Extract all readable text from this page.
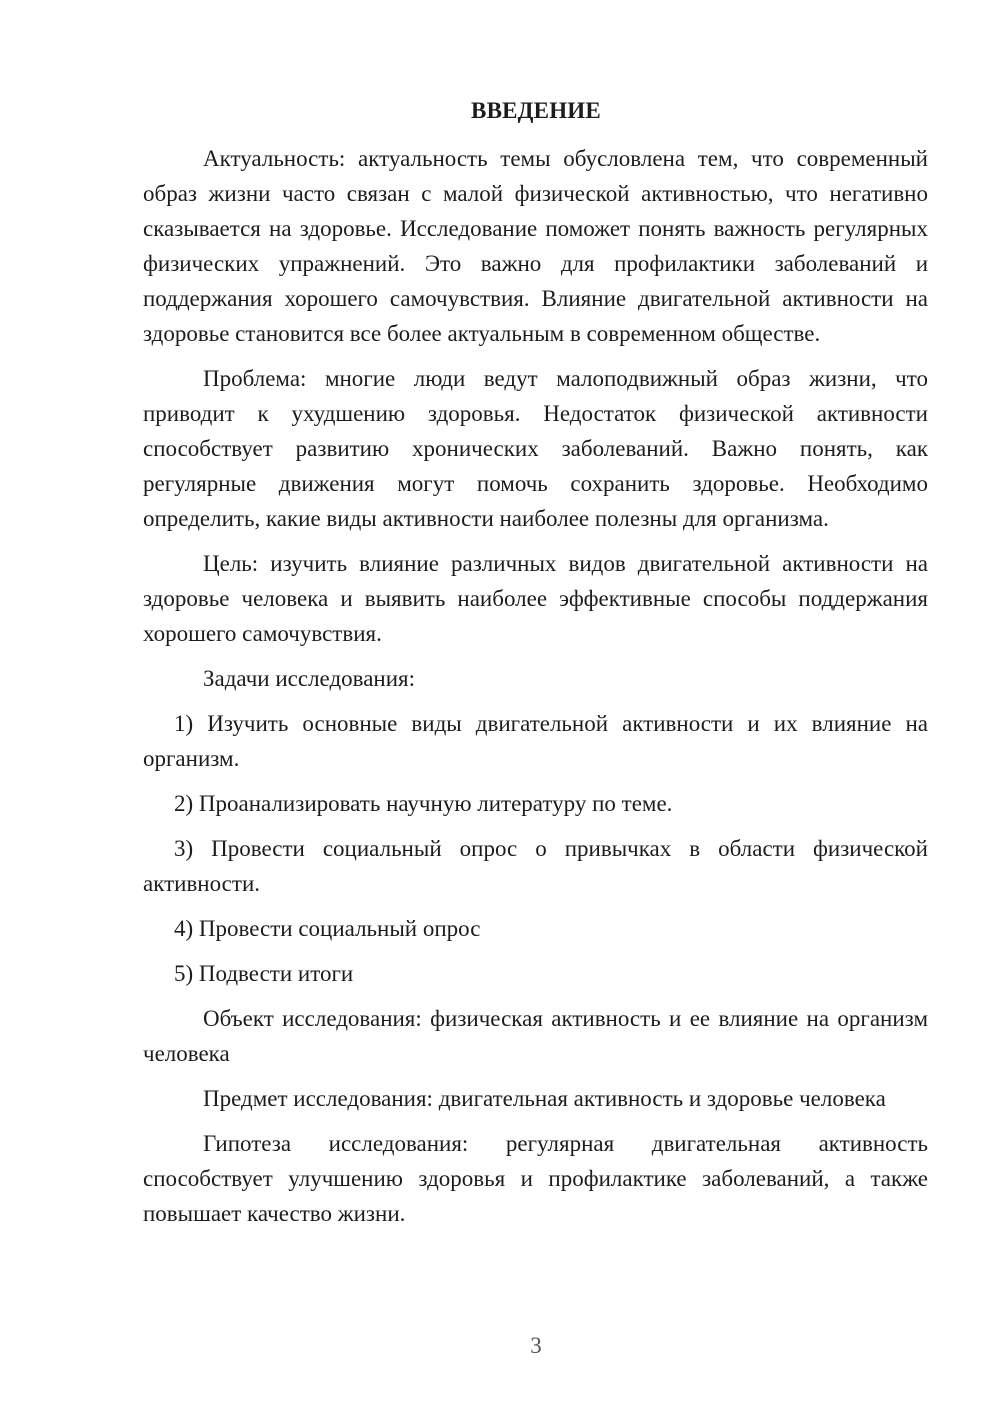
ВВЕДЕНИЕ

Актуальность: актуальность темы обусловлена тем, что современный образ жизни часто связан с малой физической активностью, что негативно сказывается на здоровье. Исследование поможет понять важность регулярных физических упражнений. Это важно для профилактики заболеваний и поддержания хорошего самочувствия. Влияние двигательной активности на здоровье становится все более актуальным в современном обществе.

Проблема: многие люди ведут малоподвижный образ жизни, что приводит к ухудшению здоровья. Недостаток физической активности способствует развитию хронических заболеваний. Важно понять, как регулярные движения могут помочь сохранить здоровье. Необходимо определить, какие виды активности наиболее полезны для организма.

Цель: изучить влияние различных видов двигательной активности на здоровье человека и выявить наиболее эффективные способы поддержания хорошего самочувствия.

Задачи исследования:

1) Изучить основные виды двигательной активности и их влияние на организм.

2) Проанализировать научную литературу по теме.

3) Провести социальный опрос о привычках в области физической активности.

4) Провести социальный опрос

5) Подвести итоги

Объект исследования: физическая активность и ее влияние на организм человека

Предмет исследования: двигательная активность и здоровье человека

Гипотеза исследования: регулярная двигательная активность способствует улучшению здоровья и профилактике заболеваний, а также повышает качество жизни.

3
